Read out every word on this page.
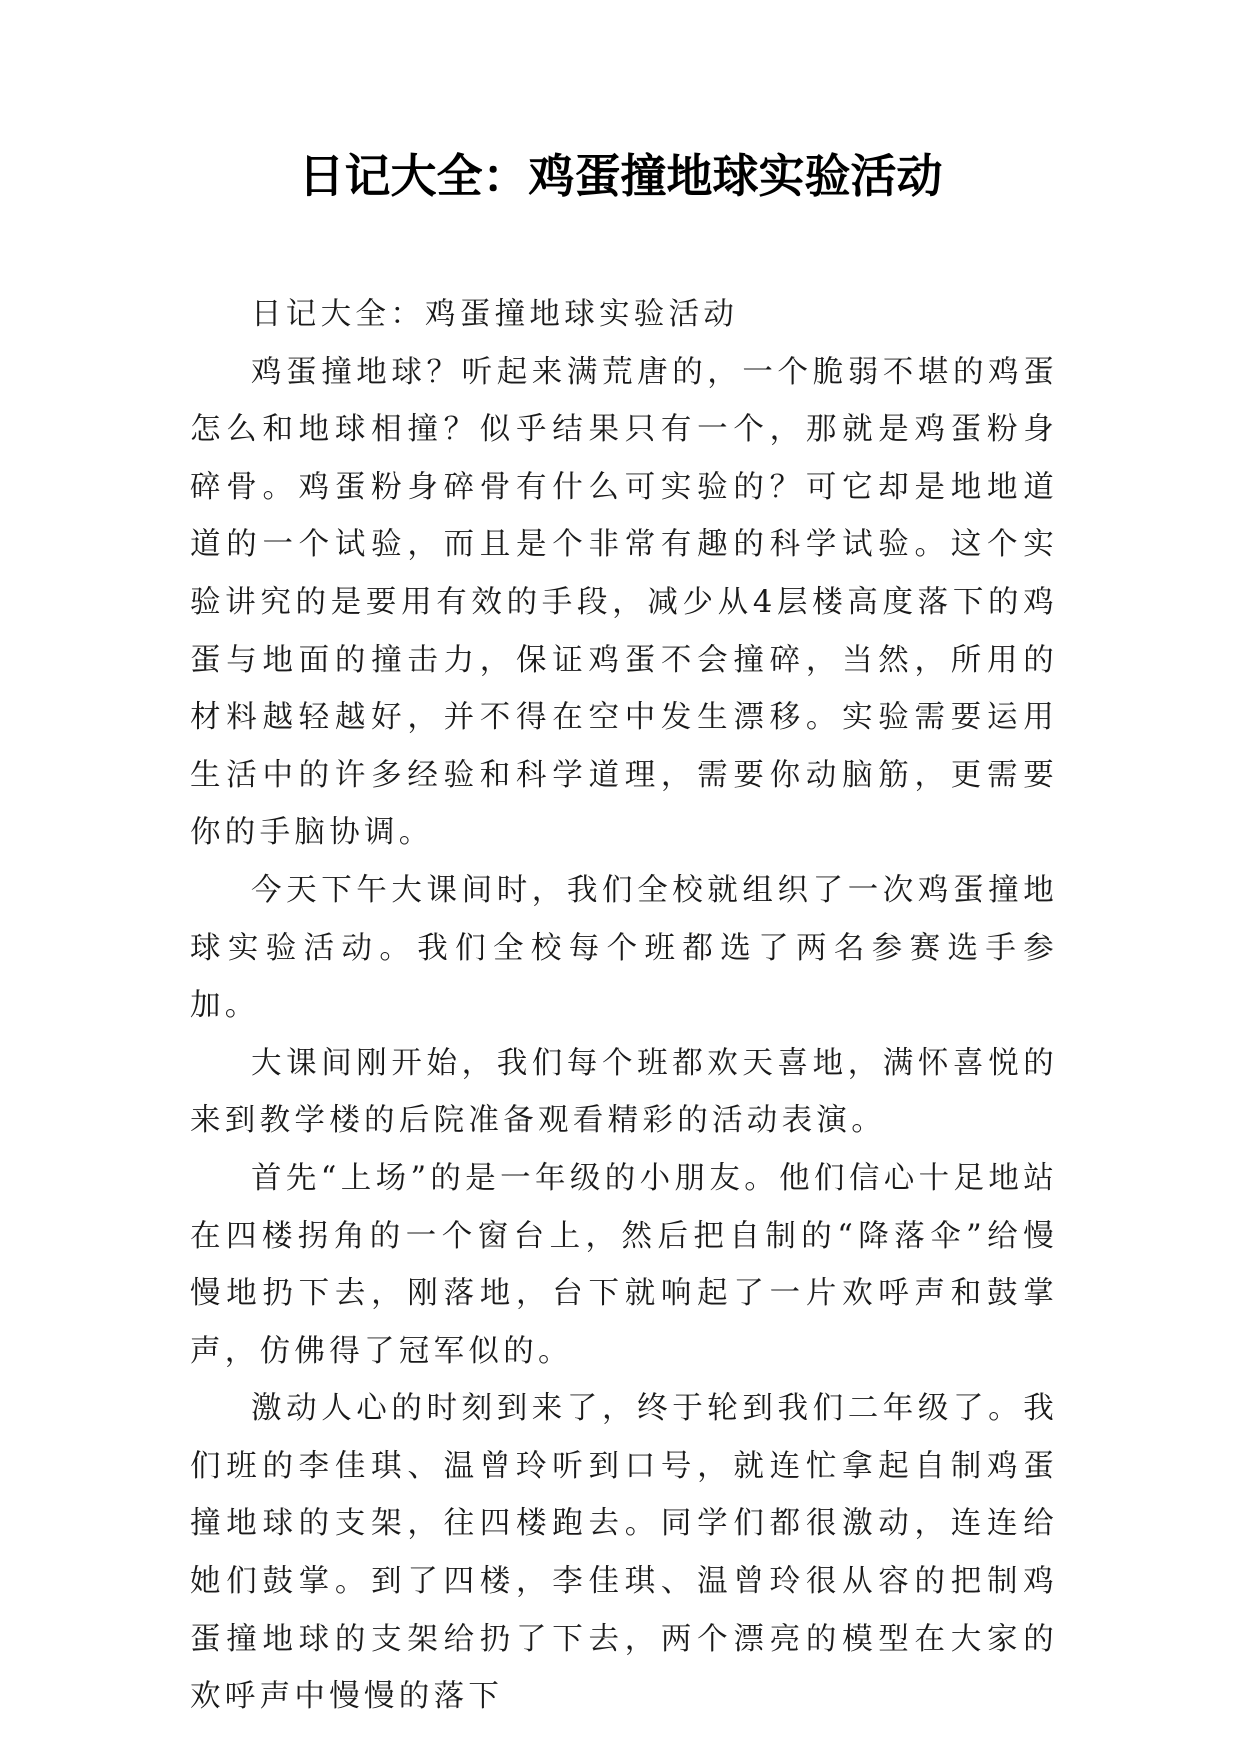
日记大全：鸡蛋撞地球实验活动

日记大全：鸡蛋撞地球实验活动

鸡蛋撞地球？听起来满荒唐的，一个脆弱不堪的鸡蛋怎么和地球相撞？似乎结果只有一个，那就是鸡蛋粉身碎骨。鸡蛋粉身碎骨有什么可实验的？可它却是地地道道的一个试验，而且是个非常有趣的科学试验。这个实验讲究的是要用有效的手段，减少从4层楼高度落下的鸡蛋与地面的撞击力，保证鸡蛋不会撞碎，当然，所用的材料越轻越好，并不得在空中发生漂移。实验需要运用生活中的许多经验和科学道理，需要你动脑筋，更需要你的手脑协调。

今天下午大课间时，我们全校就组织了一次鸡蛋撞地球实验活动。我们全校每个班都选了两名参赛选手参加。

大课间刚开始，我们每个班都欢天喜地，满怀喜悦的来到教学楼的后院准备观看精彩的活动表演。

首先“上场”的是一年级的小朋友。他们信心十足地站在四楼拐角的一个窗台上，然后把自制的“降落伞”给慢慢地扔下去，刚落地，台下就响起了一片欢呼声和鼓掌声，仿佛得了冠军似的。

激动人心的时刻到来了，终于轮到我们二年级了。我们班的李佳琪、温曾玲听到口号，就连忙拿起自制鸡蛋撞地球的支架，往四楼跑去。同学们都很激动，连连给她们鼓掌。到了四楼，李佳琪、温曾玲很从容的把制鸡蛋撞地球的支架给扔了下去，两个漂亮的模型在大家的欢呼声中慢慢的落下
